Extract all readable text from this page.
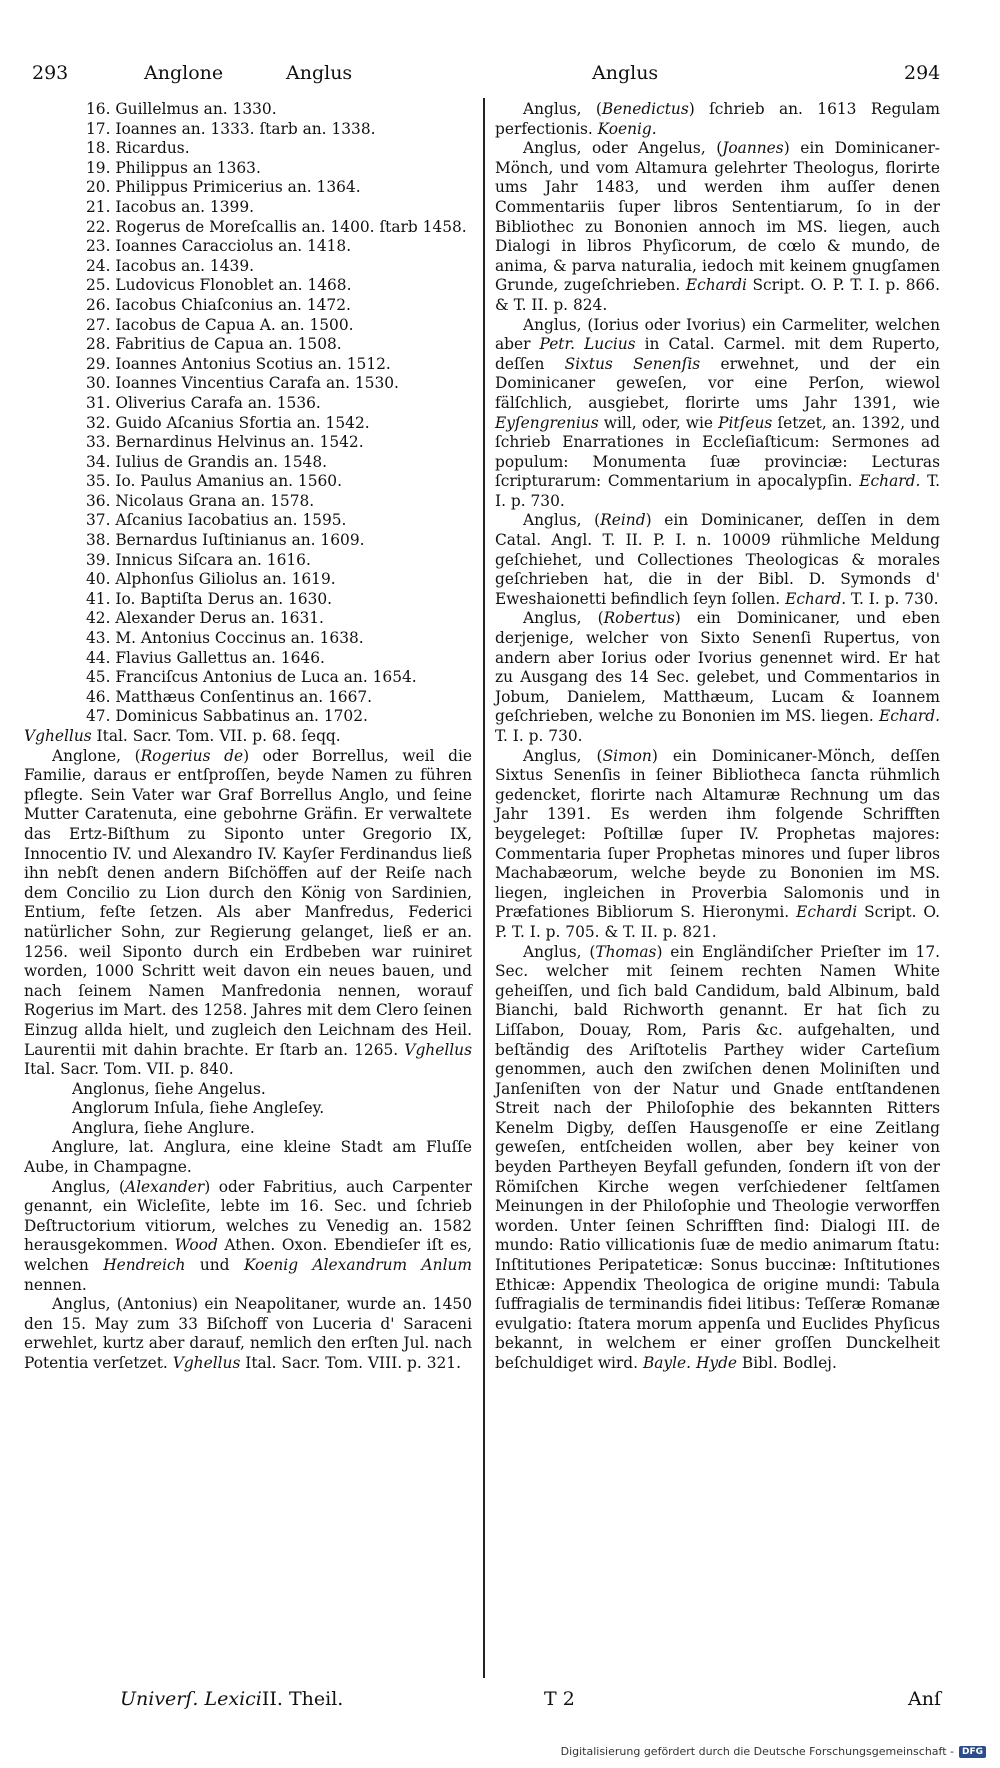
293	Anglone	Anglus	Anglus	294
16. Guillelmus an. 1330.
17. Ioannes an. 1333. ſtarb an. 1338.
18. Ricardus.
19. Philippus an 1363.
20. Philippus Primicerius an. 1364.
21. Iacobus an. 1399.
22. Rogerus de Moreſcallis an. 1400. ſtarb 1458.
23. Ioannes Caracciolus an. 1418.
24. Iacobus an. 1439.
25. Ludovicus Flonoblet an. 1468.
26. Iacobus Chiaſconius an. 1472.
27. Iacobus de Capua A. an. 1500.
28. Fabritius de Capua an. 1508.
29. Ioannes Antonius Scotius an. 1512.
30. Ioannes Vincentius Carafa an. 1530.
31. Oliverius Carafa an. 1536.
32. Guido Aſcanius Sfortia an. 1542.
33. Bernardinus Helvinus an. 1542.
34. Iulius de Grandis an. 1548.
35. Io. Paulus Amanius an. 1560.
36. Nicolaus Grana an. 1578.
37. Aſcanius Iacobatius an. 1595.
38. Bernardus Iuſtinianus an. 1609.
39. Innicus Siſcara an. 1616.
40. Alphonſus Giliolus an. 1619.
41. Io. Baptiſta Derus an. 1630.
42. Alexander Derus an. 1631.
43. M. Antonius Coccinus an. 1638.
44. Flavius Gallettus an. 1646.
45. Franciſcus Antonius de Luca an. 1654.
46. Matthæus Conſentinus an. 1667.
47. Dominicus Sabbatinus an. 1702.
Vghellus Ital. Sacr. Tom. VII. p. 68. ſeqq.

Anglone, (Rogerius de) oder Borrellus, weil die Familie, daraus er entſproſſen, beyde Namen zu führen pflegte. Sein Vater war Graf Borrellus Anglo, und ſeine Mutter Caratenuta, eine gebohrne Gräfin. Er verwaltete das Ertz-Biſthum zu Siponto unter Gregorio IX, Innocentio IV. und Alexandro IV. Kayſer Ferdinandus ließ ihn nebſt denen andern Biſchöffen auf der Reiſe nach dem Concilio zu Lion durch den König von Sardinien, Entium, feſte ſetzen. Als aber Manfredus, Federici natürlicher Sohn, zur Regierung gelanget, ließ er an. 1256. weil Siponto durch ein Erdbeben war ruiniret worden, 1000 Schritt weit davon ein neues bauen, und nach ſeinem Namen Manfredonia nennen, worauf Rogerius im Mart. des 1258. Jahres mit dem Clero ſeinen Einzug allda hielt, und zugleich den Leichnam des Heil. Laurentii mit dahin brachte. Er ſtarb an. 1265. Vghellus Ital. Sacr. Tom. VII. p. 840.

Anglonus, ſiehe Angelus.
Anglorum Inſula, ſiehe Angleſey.
Anglura, ſiehe Anglure.

Anglure, lat. Anglura, eine kleine Stadt am Fluſſe Aube, in Champagne.

Anglus, (Alexander) oder Fabritius, auch Carpenter genannt, ein Wicleſite, lebte im 16. Sec. und ſchrieb Deſtructorium vitiorum, welches zu Venedig an. 1582 herausgekommen. Wood Athen. Oxon. Ebendieſer iſt es, welchen Hendreich und Koenig Alexandrum Anlum nennen.

Anglus, (Antonius) ein Neapolitaner, wurde an. 1450 den 15. May zum 33 Biſchoff von Luceria d' Saraceni erwehlet, kurtz aber darauf, nemlich den erſten Jul. nach Potentia verſetzet. Vghellus Ital. Sacr. Tom. VIII. p. 321.

Anglus, (Benedictus) ſchrieb an. 1613 Regulam perfectionis. Koenig.

Anglus, oder Angelus, (Joannes) ein Dominicaner-Mönch, und vom Altamura gelehrter Theologus, florirte ums Jahr 1483, und werden ihm auſſer denen Commentariis ſuper libros Sententiarum, ſo in der Bibliothec zu Bononien annoch im MS. liegen, auch Dialogi in libros Phyſicorum, de cœlo & mundo, de anima, & parva naturalia, iedoch mit keinem gnugſamen Grunde, zugeſchrieben. Echardi Script. O. P. T. I. p. 866. & T. II. p. 824.

Anglus, (Iorius oder Ivorius) ein Carmeliter, welchen aber Petr. Lucius in Catal. Carmel. mit dem Ruperto, deſſen Sixtus Senenſis erwehnet, und der ein Dominicaner geweſen, vor eine Perſon, wiewol fälſchlich, ausgiebet, florirte ums Jahr 1391, wie Eyſengrenius will, oder, wie Pitſeus ſetzet, an. 1392, und ſchrieb Enarrationes in Eccleſiaſticum: Sermones ad populum: Monumenta ſuæ provinciæ: Lecturas ſcripturarum: Commentarium in apocalypſin. Echard. T. I. p. 730.

Anglus, (Reind) ein Dominicaner, deſſen in dem Catal. Angl. T. II. P. I. n. 10009 rühmliche Meldung geſchiehet, und Collectiones Theologicas & morales geſchrieben hat, die in der Bibl. D. Symonds d' Eweshaionetti befindlich ſeyn ſollen. Echard. T. I. p. 730.

Anglus, (Robertus) ein Dominicaner, und eben derjenige, welcher von Sixto Senenſi Rupertus, von andern aber Iorius oder Ivorius genennet wird. Er hat zu Ausgang des 14 Sec. gelebet, und Commentarios in Jobum, Danielem, Matthæum, Lucam & Ioannem geſchrieben, welche zu Bononien im MS. liegen. Echard. T. I. p. 730.

Anglus, (Simon) ein Dominicaner-Mönch, deſſen Sixtus Senenſis in ſeiner Bibliotheca ſancta rühmlich gedencket, florirte nach Altamuræ Rechnung um das Jahr 1391. Es werden ihm folgende Schrifften beygeleget: Poſtillæ ſuper IV. Prophetas majores: Commentaria ſuper Prophetas minores und ſuper libros Machabæorum, welche beyde zu Bononien im MS. liegen, ingleichen in Proverbia Salomonis und in Præfationes Bibliorum S. Hieronymi. Echardi Script. O. P. T. I. p. 705. & T. II. p. 821.

Anglus, (Thomas) ein Engländiſcher Prieſter im 17. Sec. welcher mit ſeinem rechten Namen White geheiſſen, und ſich bald Candidum, bald Albinum, bald Bianchi, bald Richworth genannt. Er hat ſich zu Liſſabon, Douay, Rom, Paris &c. aufgehalten, und beſtändig des Ariſtotelis Parthey wider Carteſium genommen, auch den zwiſchen denen Moliniſten und Janſeniſten von der Natur und Gnade entſtandenen Streit nach der Philoſophie des bekannten Ritters Kenelm Digby, deſſen Hausgenoſſe er eine Zeitlang geweſen, entſcheiden wollen, aber bey keiner von beyden Partheyen Beyfall gefunden, ſondern iſt von der Römiſchen Kirche wegen verſchiedener ſeltſamen Meinungen in der Philoſophie und Theologie verworffen worden. Unter ſeinen Schrifften ſind: Dialogi III. de mundo: Ratio villicationis ſuæ de medio animarum ſtatu: Inſtitutiones Peripateticæ: Sonus buccinæ: Inſtitutiones Ethicæ: Appendix Theologica de origine mundi: Tabula ſuffragialis de terminandis fidei litibus: Teſſeræ Romanæ evulgatio: ſtatera morum appenſa und Euclides Phyſicus bekannt, in welchem er einer groſſen Dunckelheit beſchuldiget wird. Bayle. Hyde Bibl. Bodlej.

Univerſ. Lexici II. Theil.	T 2	Anſ
Digitalisierung gefördert durch die Deutsche Forschungsgemeinschaft - DFG
